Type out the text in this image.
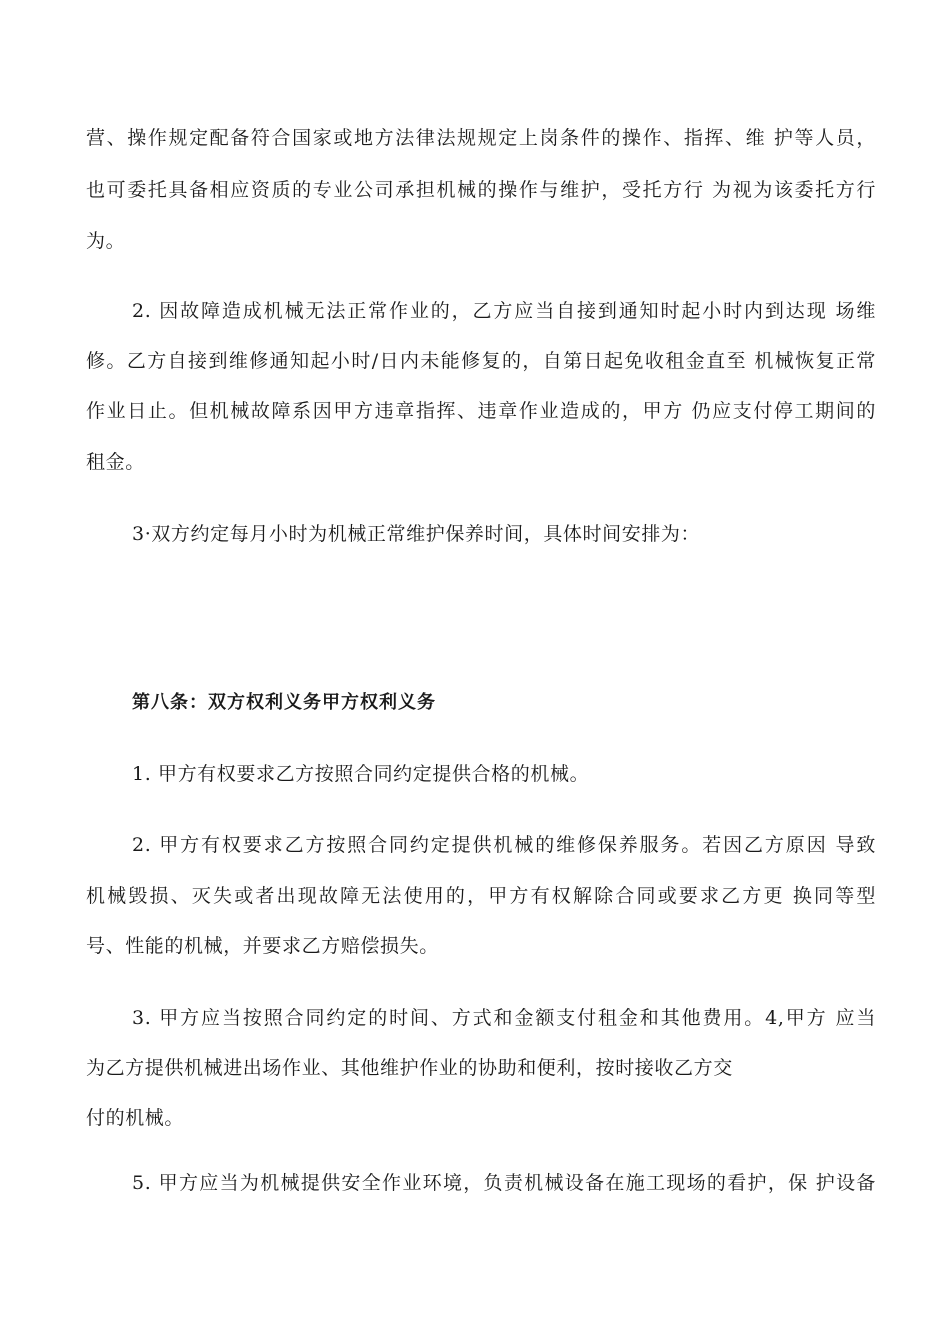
营、操作规定配备符合国家或地方法律法规规定上岗条件的操作、指挥、维 护等人员，
也可委托具备相应资质的专业公司承担机械的操作与维护，受托方行 为视为该委托方行
为。
2. 因故障造成机械无法正常作业的，乙方应当自接到通知时起小时内到达现 场维
修。乙方自接到维修通知起小时/日内未能修复的，自第日起免收租金直至 机械恢复正常
作业日止。但机械故障系因甲方违章指挥、违章作业造成的，甲方 仍应支付停工期间的
租金。
3·双方约定每月小时为机械正常维护保养时间，具体时间安排为：
第八条：双方权利义务甲方权利义务
1. 甲方有权要求乙方按照合同约定提供合格的机械。
2. 甲方有权要求乙方按照合同约定提供机械的维修保养服务。若因乙方原因 导致
机械毁损、灭失或者出现故障无法使用的，甲方有权解除合同或要求乙方更 换同等型
号、性能的机械，并要求乙方赔偿损失。
3. 甲方应当按照合同约定的时间、方式和金额支付租金和其他费用。4,甲方 应当
为乙方提供机械进出场作业、其他维护作业的协助和便利，按时接收乙方交
付的机械。
5. 甲方应当为机械提供安全作业环境，负责机械设备在施工现场的看护，保 护设备
